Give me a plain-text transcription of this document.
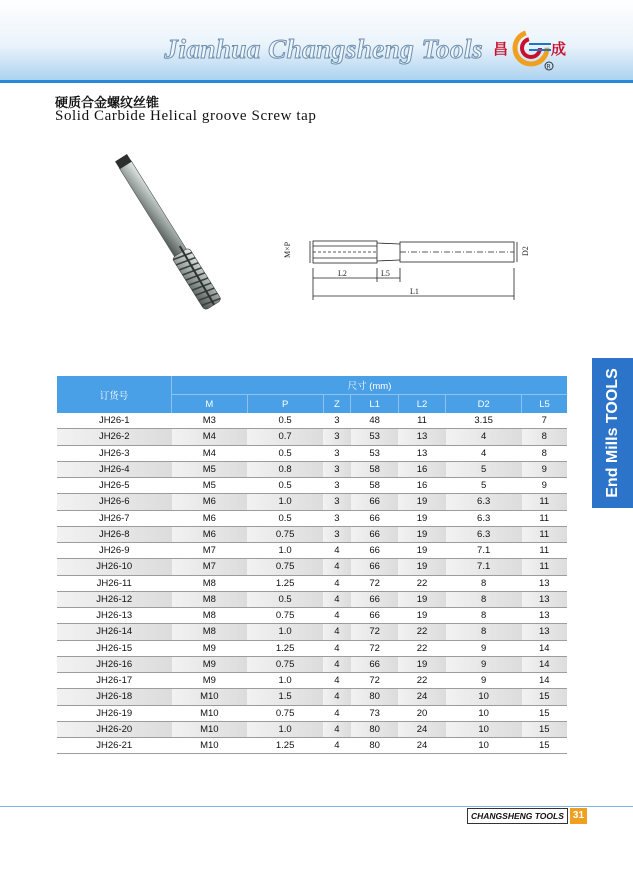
Jianhua Changsheng Tools 昌
R
成
硬质合金螺纹丝锥
Solid Carbide Helical groove Screw tap
M×P	D2
L2	L5
L1
End Mills TOOLS
订货号	尺寸 (mm)						
	M	P	Z	L1	L2	D2	L5
JH26-1	M3	0.5	3	48	11	3.15	7
JH26-2	M4	0.7	3	53	13	4	8
JH26-3	M4	0.5	3	53	13	4	8
JH26-4	M5	0.8	3	58	16	5	9
JH26-5	M5	0.5	3	58	16	5	9
JH26-6	M6	1.0	3	66	19	6.3	11
JH26-7	M6	0.5	3	66	19	6.3	11
JH26-8	M6	0.75	3	66	19	6.3	11
JH26-9	M7	1.0	4	66	19	7.1	11
JH26-10	M7	0.75	4	66	19	7.1	11
JH26-11	M8	1.25	4	72	22	8	13
JH26-12	M8	0.5	4	66	19	8	13
JH26-13	M8	0.75	4	66	19	8	13
JH26-14	M8	1.0	4	72	22	8	13
JH26-15	M9	1.25	4	72	22	9	14
JH26-16	M9	0.75	4	66	19	9	14
JH26-17	M9	1.0	4	72	22	9	14
JH26-18	M10	1.5	4	80	24	10	15
JH26-19	M10	0.75	4	73	20	10	15
JH26-20	M10	1.0	4	80	24	10	15
JH26-21	M10	1.25	4	80	24	10	15
CHANGSHENG TOOLS 31
